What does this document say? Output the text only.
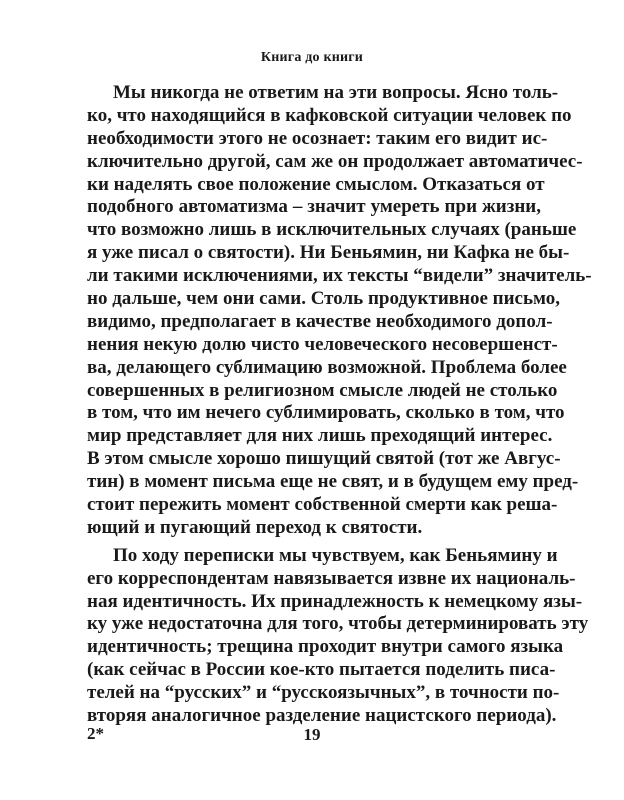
Книга до книги
Мы никогда не ответим на эти вопросы. Ясно толь-
ко, что находящийся в кафковской ситуации человек по
необходимости этого не осознает: таким его видит ис-
ключительно другой, сам же он продолжает автоматичес-
ки наделять свое положение смыслом. Отказаться от
подобного автоматизма – значит умереть при жизни,
что возможно лишь в исключительных случаях (раньше
я уже писал о святости). Ни Беньямин, ни Кафка не бы-
ли такими исключениями, их тексты “видели” значитель-
но дальше, чем они сами. Столь продуктивное письмо,
видимо, предполагает в качестве необходимого допол-
нения некую долю чисто человеческого несовершенст-
ва, делающего сублимацию возможной. Проблема более
совершенных в религиозном смысле людей не столько
в том, что им нечего сублимировать, сколько в том, что
мир представляет для них лишь преходящий интерес.
В этом смысле хорошо пишущий святой (тот же Авгус-
тин) в момент письма еще не свят, и в будущем ему пред-
стоит пережить момент собственной смерти как реша-
ющий и пугающий переход к святости.
По ходу переписки мы чувствуем, как Беньямину и
его корреспондентам навязывается извне их националь-
ная идентичность. Их принадлежность к немецкому язы-
ку уже недостаточна для того, чтобы детерминировать эту
идентичность; трещина проходит внутри самого языка
(как сейчас в России кое-кто пытается поделить писа-
телей на “русских” и “русскоязычных”, в точности по-
вторяя аналогичное разделение нацистского периода).
2*	19
